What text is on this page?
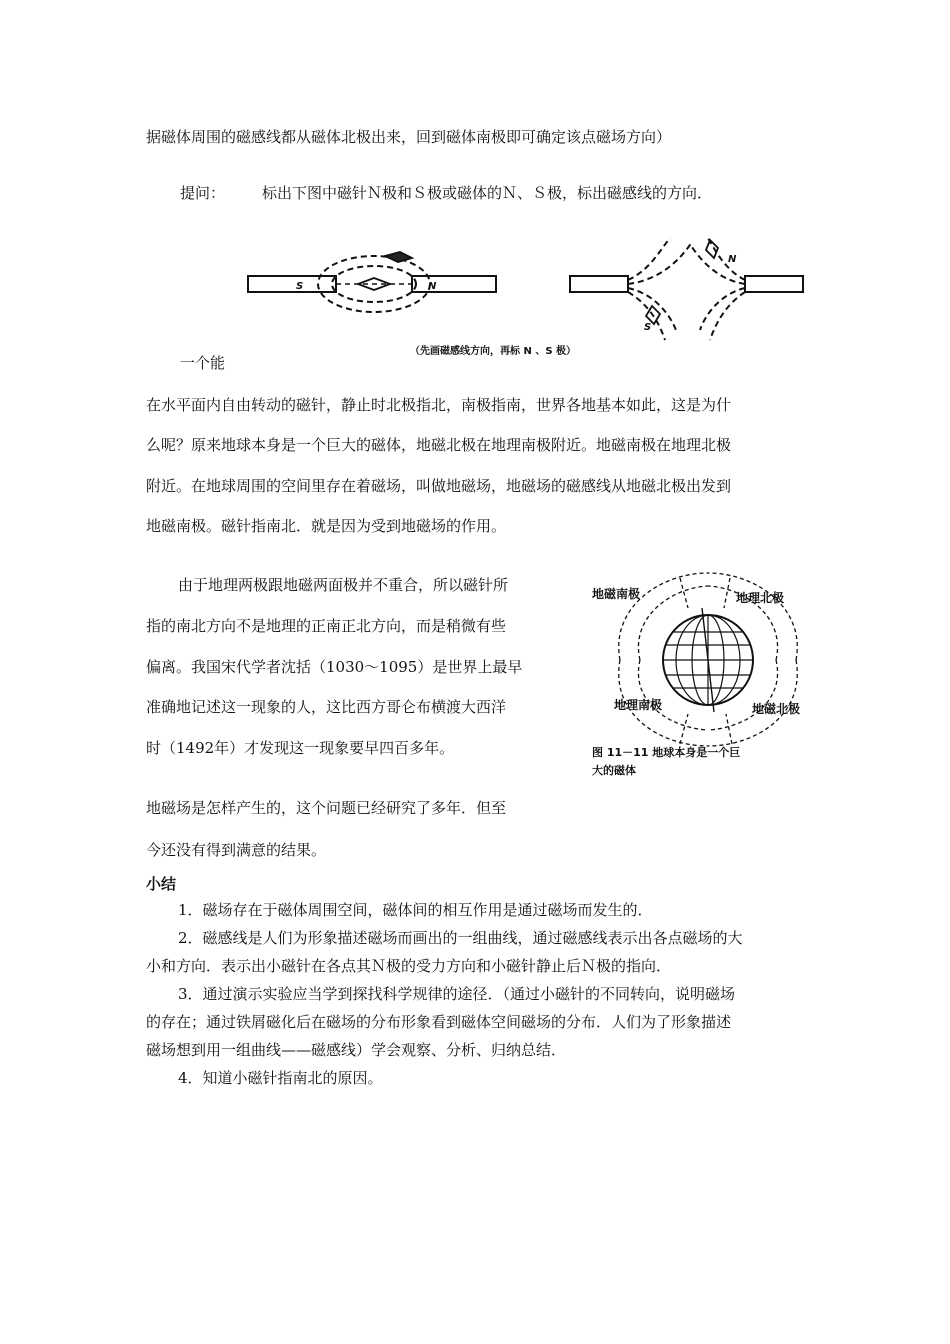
据磁体周围的磁感线都从磁体北极出来，回到磁体南极即可确定该点磁场方向）
提问： 标出下图中磁针Ｎ极和Ｓ极或磁体的Ｎ、Ｓ极，标出磁感线的方向．
S	N
N
S
（先画磁感线方向，再标 N 、S 极）
一个能
在水平面内自由转动的磁针，静止时北极指北，南极指南，世界各地基本如此，这是为什
么呢？原来地球本身是一个巨大的磁体，地磁北极在地理南极附近。地磁南极在地理北极
附近。在地球周围的空间里存在着磁场，叫做地磁场，地磁场的磁感线从地磁北极出发到
地磁南极。磁针指南北．就是因为受到地磁场的作用。
由于地理两极跟地磁两面极并不重合，所以磁针所
指的南北方向不是地理的正南正北方向，而是稍微有些
偏离。我国宋代学者沈括（1030～1095）是世界上最早
准确地记述这一现象的人，这比西方哥仑布横渡大西洋
时（1492年）才发现这一现象要早四百多年。
地磁场是怎样产生的，这个问题已经研究了多年．但至
今还没有得到满意的结果。
地磁南极	地理北极
地理南极	地磁北极
图 11－11 地球本身是一个巨
大的磁体
小结
1．磁场存在于磁体周围空间，磁体间的相互作用是通过磁场而发生的．
2．磁感线是人们为形象描述磁场而画出的一组曲线，通过磁感线表示出各点磁场的大
小和方向．表示出小磁针在各点其Ｎ极的受力方向和小磁针静止后Ｎ极的指向．
3．通过演示实验应当学到探找科学规律的途径．（通过小磁针的不同转向，说明磁场
的存在；通过铁屑磁化后在磁场的分布形象看到磁体空间磁场的分布．人们为了形象描述
磁场想到用一组曲线——磁感线）学会观察、分析、归纳总结．
4．知道小磁针指南北的原因。
